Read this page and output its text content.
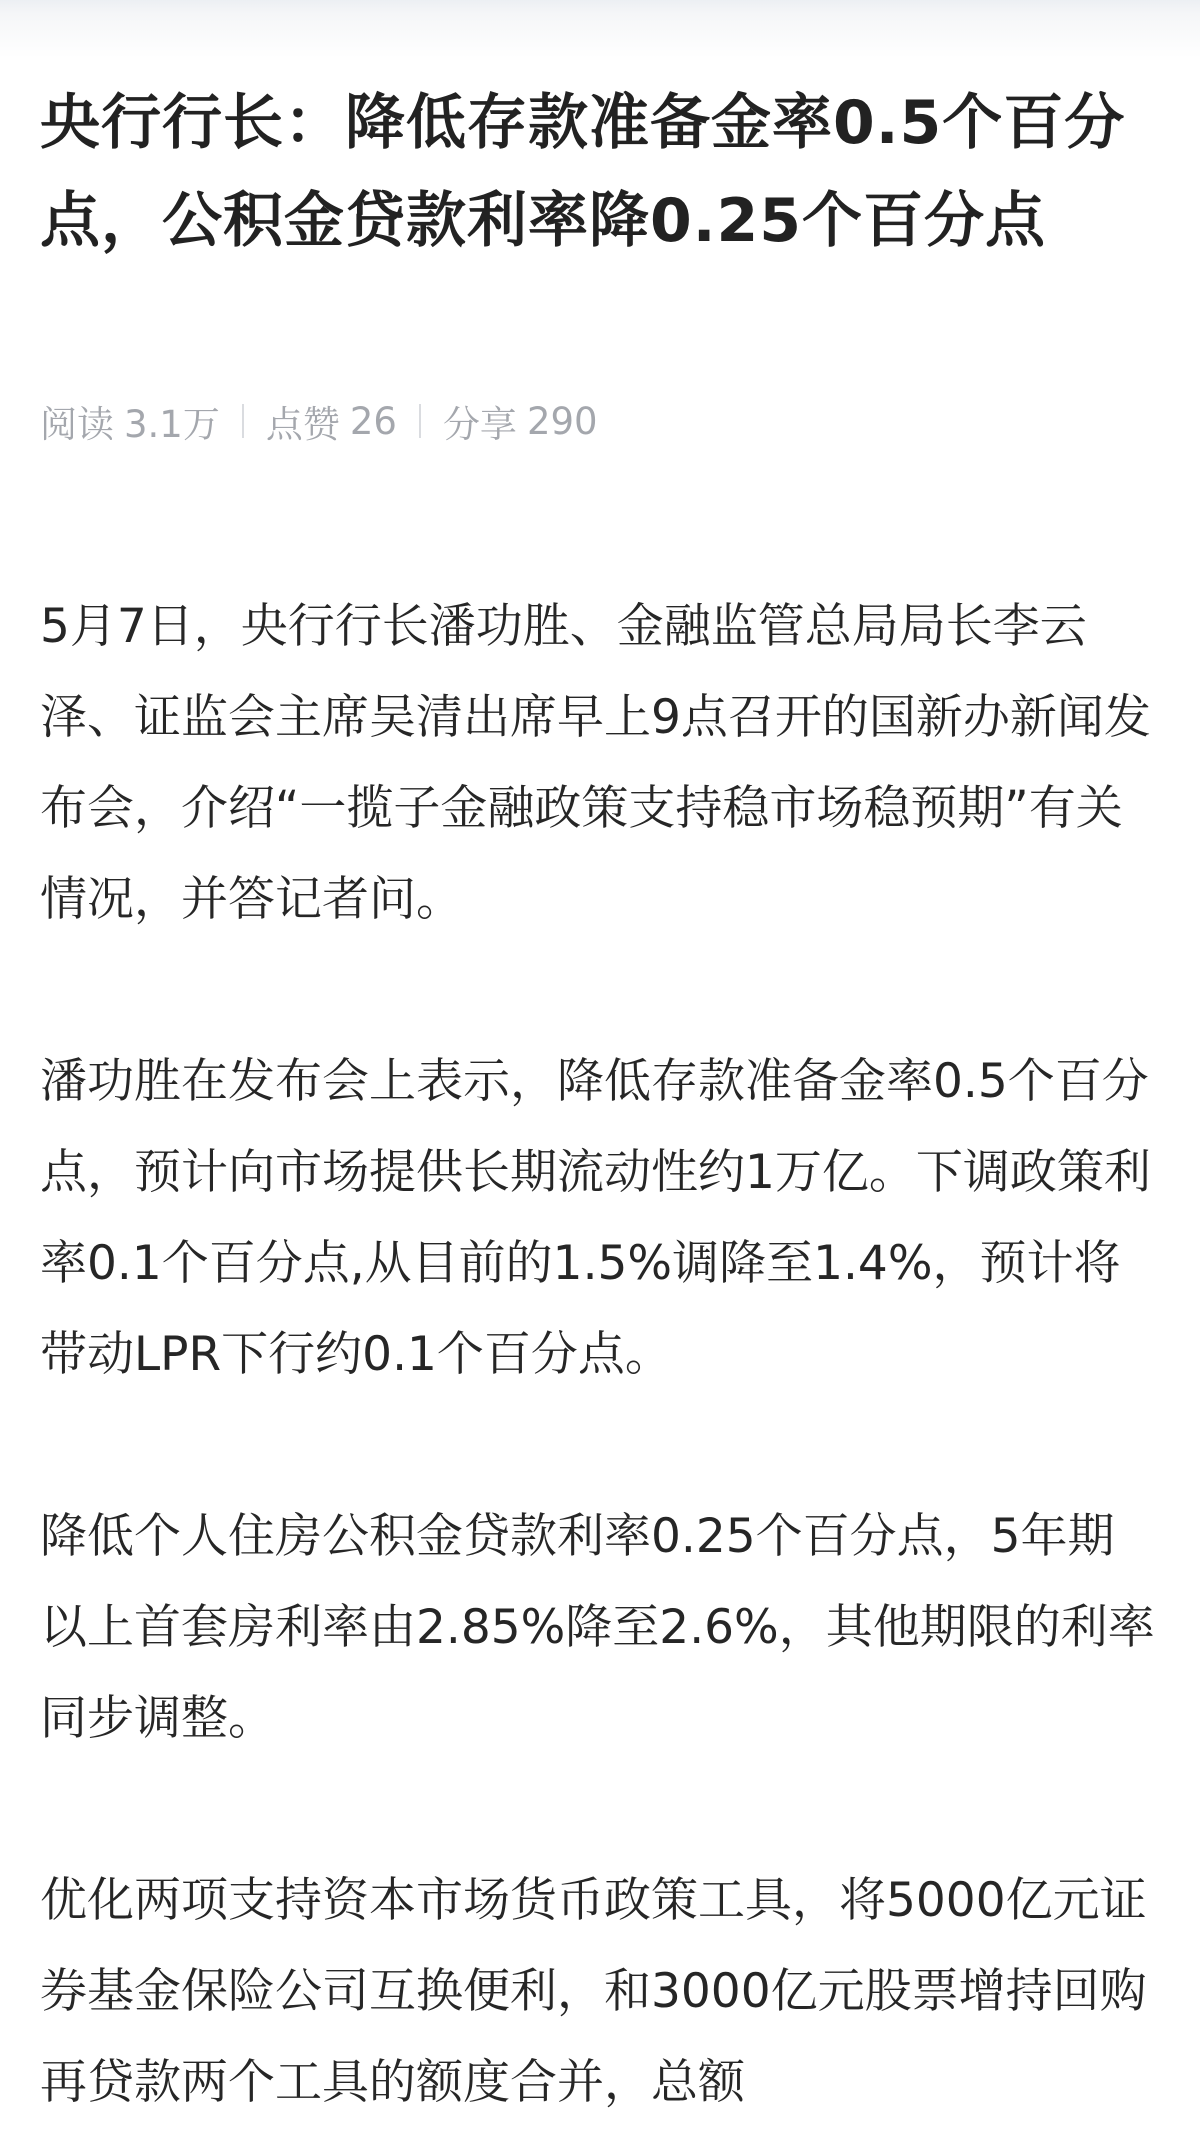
央行行长：降低存款准备金率0.5个百分点，公积金贷款利率降0.25个百分点
阅读 3.1万 点赞 26 分享 290

5月7日，央行行长潘功胜、金融监管总局局长李云泽、证监会主席吴清出席早上9点召开的国新办新闻发布会，介绍“一揽子金融政策支持稳市场稳预期”有关情况，并答记者问。

潘功胜在发布会上表示，降低存款准备金率0.5个百分点，预计向市场提供长期流动性约1万亿。下调政策利率0.1个百分点,从目前的1.5%调降至1.4%，预计将带动LPR下行约0.1个百分点。

降低个人住房公积金贷款利率0.25个百分点，5年期以上首套房利率由2.85%降至2.6%，其他期限的利率同步调整。

优化两项支持资本市场货币政策工具，将5000亿元证券基金保险公司互换便利，和3000亿元股票增持回购再贷款两个工具的额度合并，总额
